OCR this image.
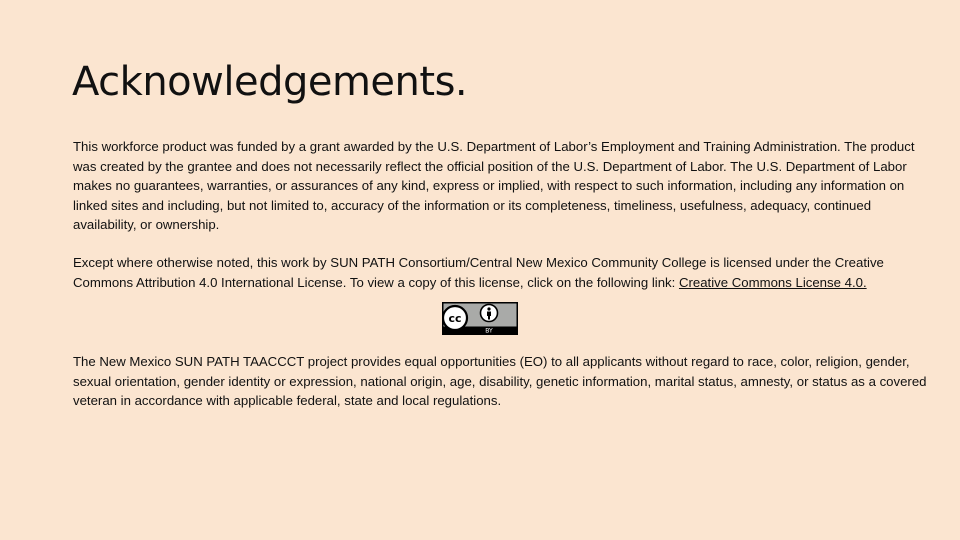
Acknowledgements.

This workforce product was funded by a grant awarded by the U.S. Department of Labor’s Employment and Training Administration. The product was created by the grantee and does not necessarily reflect the official position of the U.S. Department of Labor. The U.S. Department of Labor makes no guarantees, warranties, or assurances of any kind, express or implied, with respect to such information, including any information on linked sites and including, but not limited to, accuracy of the information or its completeness, timeliness, usefulness, adequacy, continued availability, or ownership.

Except where otherwise noted, this work by SUN PATH Consortium/Central New Mexico Community College is licensed under the Creative Commons Attribution 4.0 International License. To view a copy of this license, click on the following link: Creative Commons License 4.0.

cc
BY

The New Mexico SUN PATH TAACCCT project provides equal opportunities (EO) to all applicants without regard to race, color, religion, gender, sexual orientation, gender identity or expression, national origin, age, disability, genetic information, marital status, amnesty, or status as a covered veteran in accordance with applicable federal, state and local regulations.
